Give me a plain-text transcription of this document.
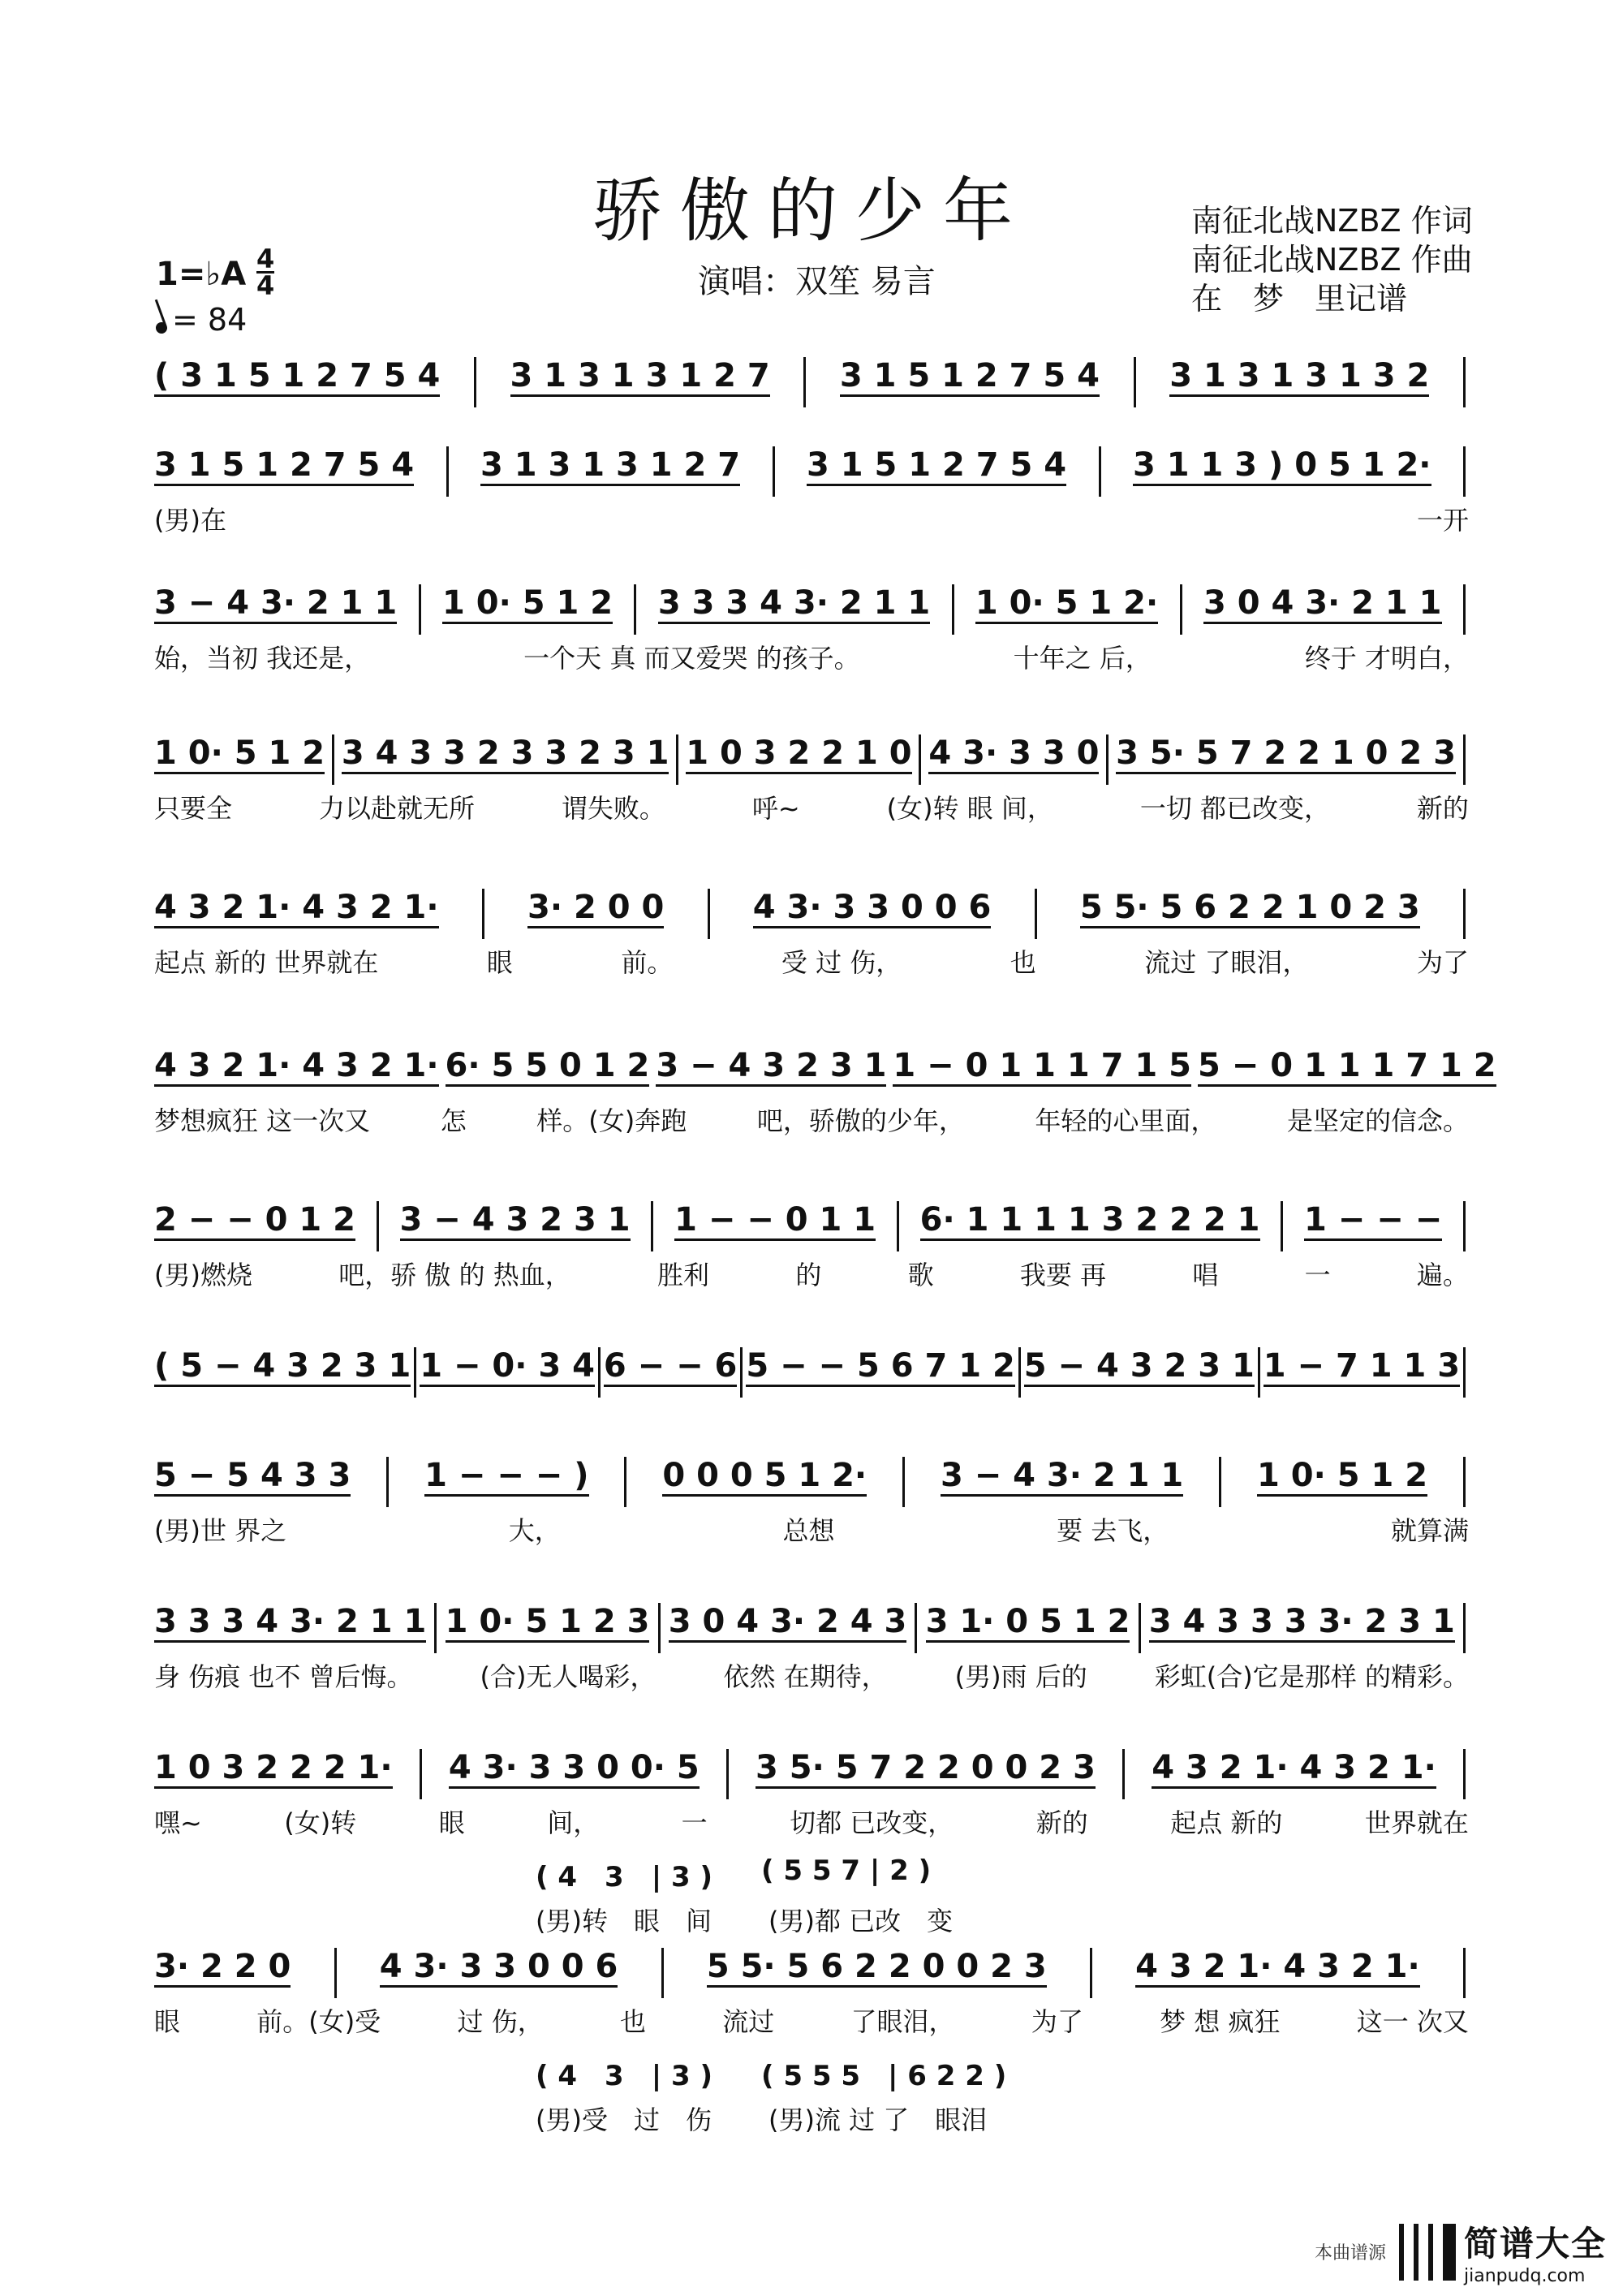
骄傲的少年	南征北战NZBZ 作词
南征北战NZBZ 作曲
在　梦　里记谱
演唱：双笙 易言
1=♭A 4
4
= 84
( 3 1 5 1 2 7 5 4 3 1 3 1 3 1 2 7 3 1 5 1 2 7 5 4 3 1 3 1 3 1 3 2
3 1 5 1 2 7 5 4 3 1 3 1 3 1 2 7 3 1 5 1 2 7 5 4 3 1 1 3 ) 0 5 1 2·
(男)在	一开
3 − 4 3· 2 1 1 1 0· 5 1 2 3 3 3 4 3· 2 1 1 1 0· 5 1 2· 3 0 4 3· 2 1 1
始，当初 我还是，	一个天 真 而又爱哭 的孩子。	十年之 后，	终于 才明白，
1 0· 5 1 2 3 4 3 3 2 3 3 2 3 1 1 0 3 2 2 1 0 4 3· 3 3 0 3 5· 5 7 2 2 1 0 2 3
只要全	力以赴就无所	谓失败。	呼~	(女)转 眼 间，	一切 都已改变，	新的
4 3 2 1· 4 3 2 1·	3· 2 0 0	4 3· 3 3 0 0 6	5 5· 5 6 2 2 1 0 2 3
起点 新的 世界就在	眼	前。	受 过 伤，	也	流过 了眼泪，	为了
4 3 2 1· 4 3 2 1· 6· 5 5 0 1 2 3 − 4 3 2 3 1 1 − 0 1 1 1 7 1 5 5 − 0 1 1 1 7 1 2
梦想疯狂 这一次又	怎	样。(女)奔跑	吧，骄傲的少年，	年轻的心里面，	是坚定的信念。
2 − − 0 1 2 3 − 4 3 2 3 1 1 − − 0 1 1 6· 1 1 1 1 3 2 2 2 1 1 − − −
(男)燃烧	吧，骄 傲 的 热血，	胜利	的	歌	我要 再	唱	一	遍。
( 5 − 4 3 2 3 1 1 − 0· 3 4 6 − − 6 5 − − 5 6 7 1 2 5 − 4 3 2 3 1 1 − 7 1 1 3
5 − 5 4 3 3 1 − − − ) 0 0 0 5 1 2· 3 − 4 3· 2 1 1 1 0· 5 1 2
(男)世 界之	大，	总想	要 去飞，	就算满
3 3 3 4 3· 2 1 1 1 0· 5 1 2 3 3 0 4 3· 2 4 3 3 1· 0 5 1 2 3 4 3 3 3 3· 2 3 1
身 伤痕 也不 曾后悔。	(合)无人喝彩，	依然 在期待，	(男)雨 后的	彩虹(合)它是那样 的精彩。
1 0 3 2 2 2 1· 4 3· 3 3 0 0· 5 3 5· 5 7 2 2 0 0 2 3 4 3 2 1· 4 3 2 1·
嘿~	(女)转	眼	间，	一	切都 已改变，	新的	起点 新的	世界就在
( 4　3　| 3 ) ( 5 5 7 | 2 )
(男)转　眼　间 (男)都 已改　变
3· 2 2 0	4 3· 3 3 0 0 6	5 5· 5 6 2 2 0 0 2 3	4 3 2 1· 4 3 2 1·
眼	前。(女)受	过 伤，	也	流过	了眼泪，	为了	梦 想 疯狂	这一 次又
( 4　3　| 3 ) ( 5 5 5　| 6 2 2 )
(男)受　过　伤 (男)流 过 了　眼泪
本曲谱源 简谱大全
jianpudq.com
